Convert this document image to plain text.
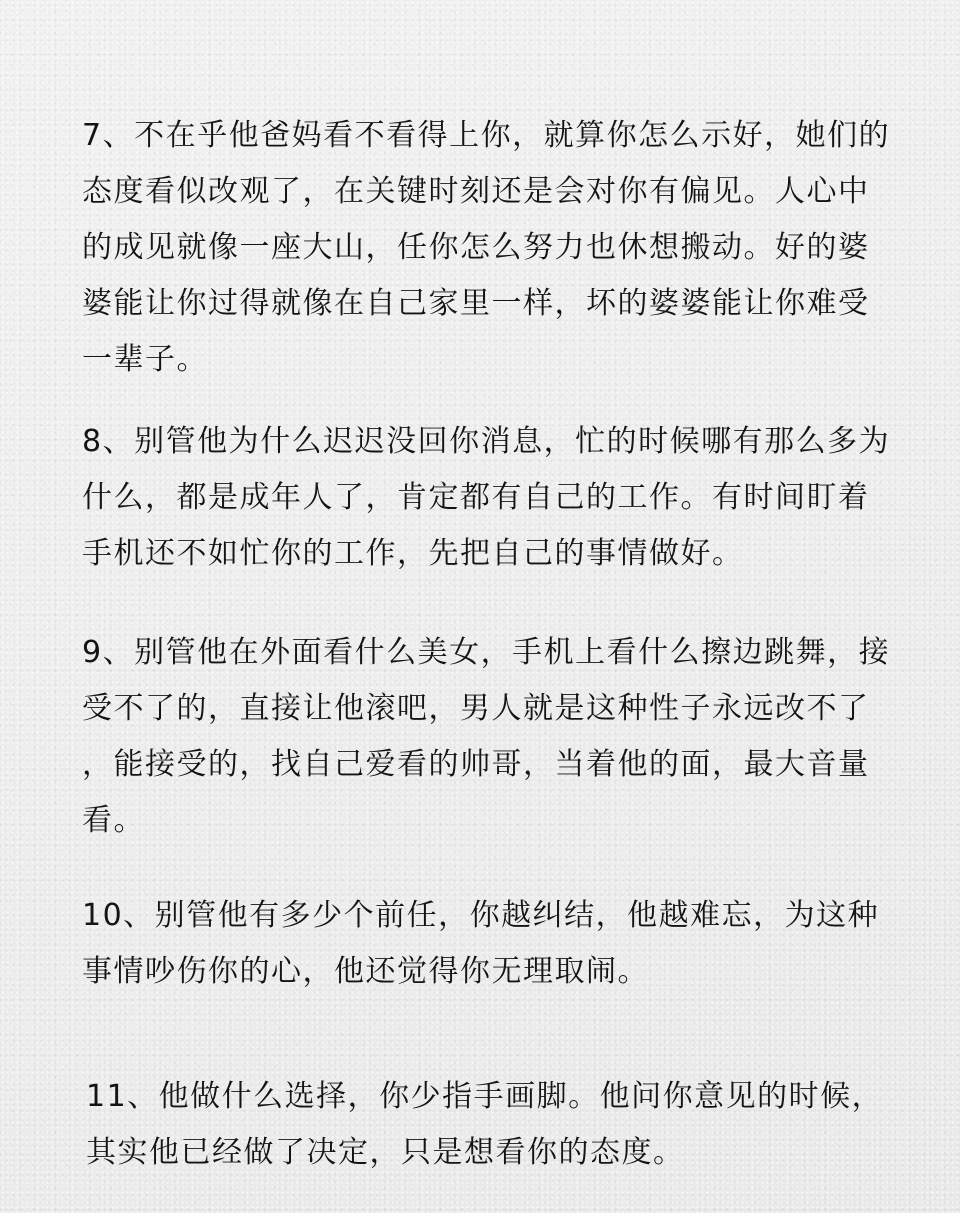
7、不在乎他爸妈看不看得上你，就算你怎么示好，她们的
态度看似改观了，在关键时刻还是会对你有偏见。人心中
的成见就像一座大山，任你怎么努力也休想搬动。好的婆
婆能让你过得就像在自己家里一样，坏的婆婆能让你难受
一辈子。

8、别管他为什么迟迟没回你消息，忙的时候哪有那么多为
什么，都是成年人了，肯定都有自己的工作。有时间盯着
手机还不如忙你的工作，先把自己的事情做好。

9、别管他在外面看什么美女，手机上看什么擦边跳舞，接
受不了的，直接让他滚吧，男人就是这种性子永远改不了
，能接受的，找自己爱看的帅哥，当着他的面，最大音量
看。

10、别管他有多少个前任，你越纠结，他越难忘，为这种
事情吵伤你的心，他还觉得你无理取闹。

11、他做什么选择，你少指手画脚。他问你意见的时候，
其实他已经做了决定，只是想看你的态度。
